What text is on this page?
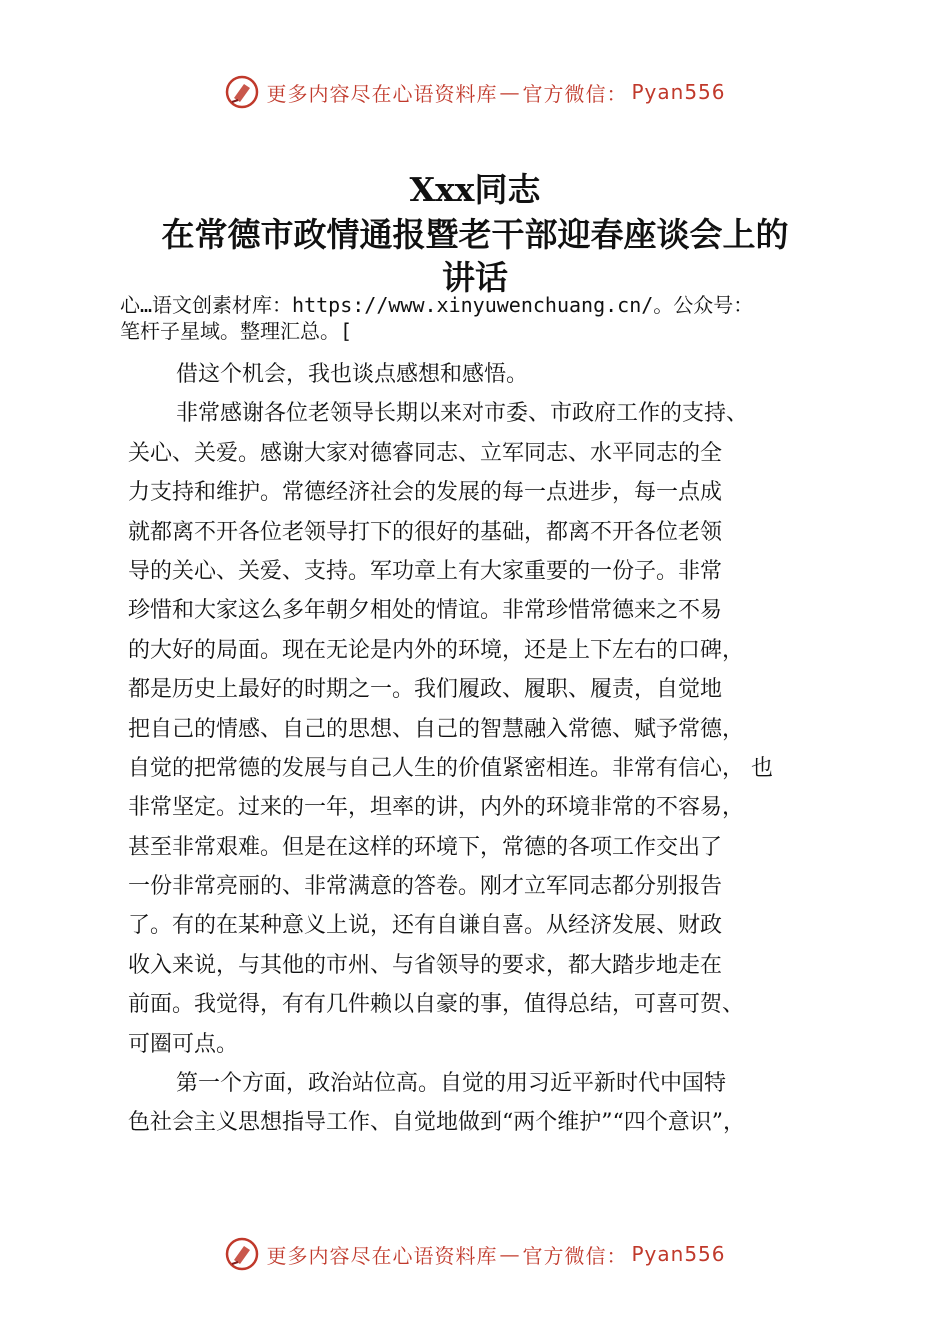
更多内容尽在心语资料库 — 官方微信： Pyan556
Xxx同志
在常德市政情通报暨老干部迎春座谈会上的
讲话
心…语文创素材库：https://www.xinyuwenchuang.cn/。公众号：
笔杆子星域。整理汇总。[
借这个机会，我也谈点感想和感悟。
非常感谢各位老领导长期以来对市委、市政府工作的支持、
关心、关爱。感谢大家对德睿同志、立军同志、水平同志的全
力支持和维护。常德经济社会的发展的每一点进步，每一点成
就都离不开各位老领导打下的很好的基础，都离不开各位老领
导的关心、关爱、支持。军功章上有大家重要的一份子。非常
珍惜和大家这么多年朝夕相处的情谊。非常珍惜常德来之不易
的大好的局面。现在无论是内外的环境，还是上下左右的口碑，
都是历史上最好的时期之一。我们履政、履职、履责，自觉地
把自己的情感、自己的思想、自己的智慧融入常德、赋予常德，
自觉的把常德的发展与自己人生的价值紧密相连。非常有信心， 也
非常坚定。过来的一年，坦率的讲，内外的环境非常的不容易，
甚至非常艰难。但是在这样的环境下，常德的各项工作交出了
一份非常亮丽的、非常满意的答卷。刚才立军同志都分别报告
了。有的在某种意义上说，还有自谦自喜。从经济发展、财政
收入来说，与其他的市州、与省领导的要求，都大踏步地走在
前面。我觉得，有有几件赖以自豪的事，值得总结，可喜可贺、
可圈可点。
第一个方面，政治站位高。自觉的用习近平新时代中国特
色社会主义思想指导工作、自觉地做到“两个维护”“四个意识”，
更多内容尽在心语资料库 — 官方微信： Pyan556
